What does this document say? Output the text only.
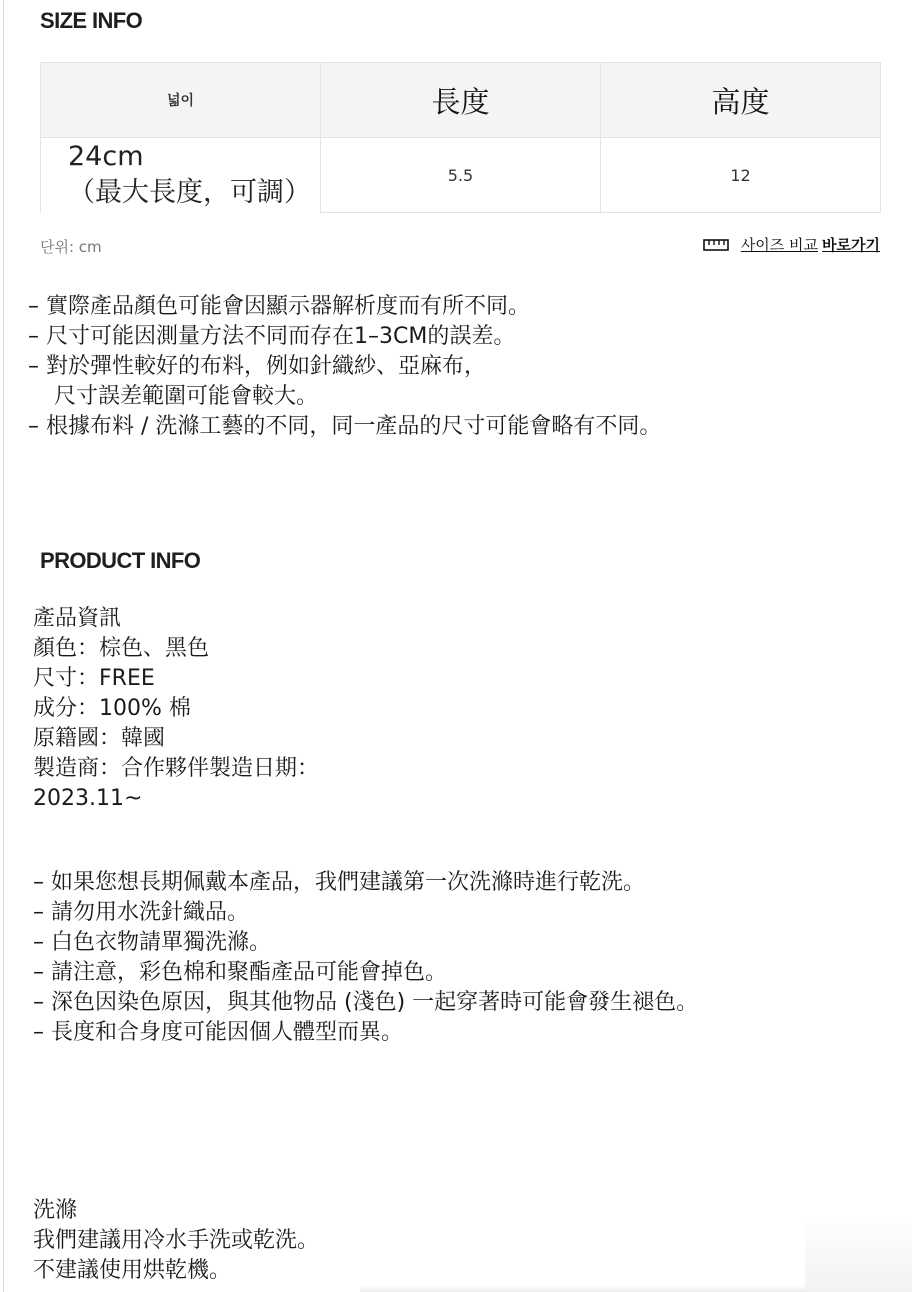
SIZE INFO
넓이	長度	高度

24cm
（最大長度，可調）	5.5	12
단위: cm	사이즈 비교 바로가기
– 實際產品顏色可能會因顯示器解析度而有所不同。
– 尺寸可能因測量方法不同而存在1–3CM的誤差。
– 對於彈性較好的布料，例如針織紗、亞麻布，
尺寸誤差範圍可能會較大。
– 根據布料 / 洗滌工藝的不同，同一產品的尺寸可能會略有不同。
PRODUCT INFO
產品資訊
顏色：棕色、黑色
尺寸：FREE
成分：100% 棉
原籍國：韓國
製造商：合作夥伴製造日期：
2023.11~
– 如果您想長期佩戴本產品，我們建議第一次洗滌時進行乾洗。
– 請勿用水洗針織品。
– 白色衣物請單獨洗滌。
– 請注意，彩色棉和聚酯產品可能會掉色。
– 深色因染色原因，與其他物品 (淺色) 一起穿著時可能會發生褪色。
– 長度和合身度可能因個人體型而異。
洗滌
我們建議用冷水手洗或乾洗。
不建議使用烘乾機。
